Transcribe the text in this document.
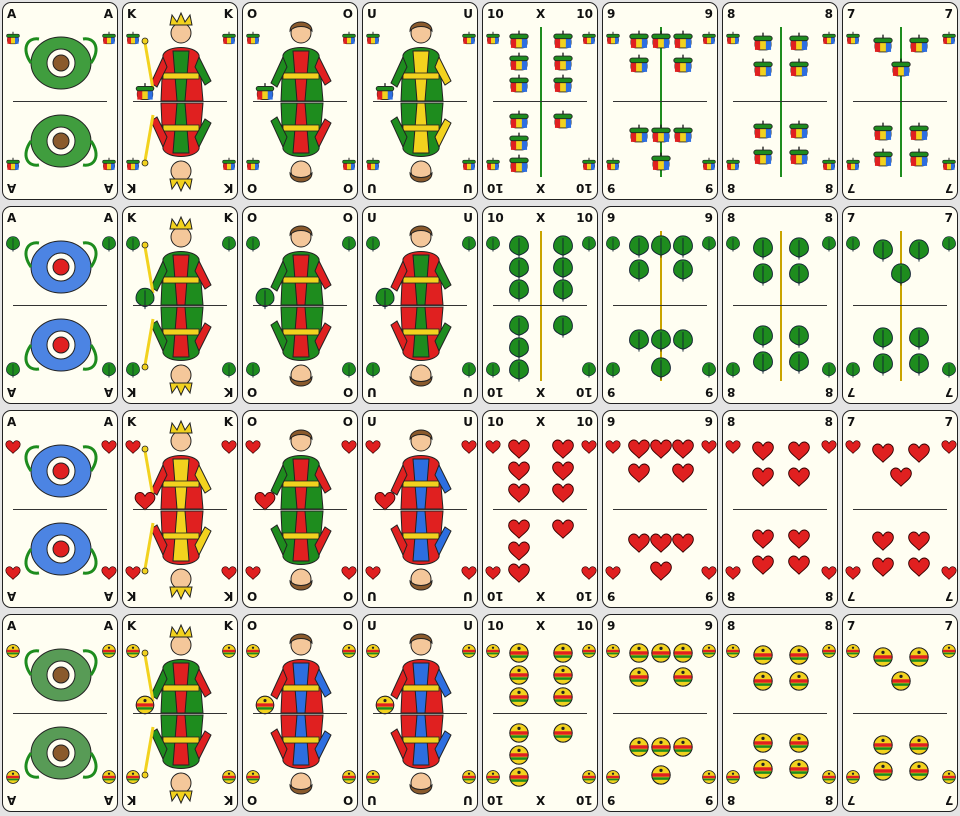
A	A
A	A
K	K
K	K
O	O
O	O
U	U
U	U
10	10
10	10
X
X
9	9
9	9
8	8
8	8
7	7
7	7
A	A
A	A
K	K
K	K
O	O
O	O
U	U
U	U
10	10
10	10
X
X
9	9
9	9
8	8
8	8
7	7
7	7
A	A
A	A
K	K
K	K
O	O
O	O
U	U
U	U
10	10
10	10
X
X
9	9
9	9
8	8
8	8
7	7
7	7
A	A
A	A
K	K
K	K
O	O
O	O
U	U
U	U
10	10
10	10
X
X
9	9
9	9
8	8
8	8
7	7
7	7
